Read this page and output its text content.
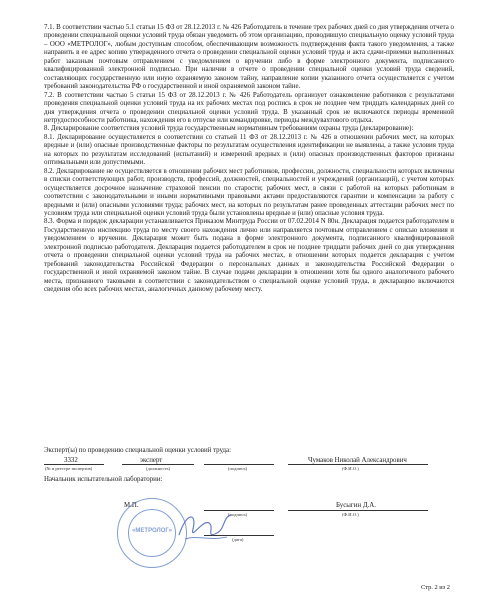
7.1. В соответствии частью 5.1 статьи 15 ФЗ от 28.12.2013 г. № 426 Работодатель в течение трех рабочих дней со дня утверждения отчета о проведении специальной оценки условий труда обязан уведомить об этом организацию, проводившую специальную оценку условий труда – ООО «МЕТРОЛОГ», любым доступным способом, обеспечивающим возможность подтверждения факта такого уведомления, а также направить в ее адрес копию утвержденного отчета о проведении специальной оценки условий труда и акта сдачи-приемки выполненных работ заказным почтовым отправлением с уведомлением о вручении либо в форме электронного документа, подписанного квалифицированной электронной подписью. При наличии в отчете о проведении специальной оценки условий труда сведений, составляющих государственную или иную охраняемую законом тайну, направление копии указанного отчета осуществляется с учетом требований законодательства РФ о государственной и иной охраняемой законом тайне.

7.2. В соответствии частью 5 статьи 15 ФЗ от 28.12.2013 г. № 426 Работодатель организует ознакомление работников с результатами проведения специальной оценки условий труда на их рабочих местах под роспись в срок не позднее чем тридцать календарных дней со дня утверждения отчета о проведении специальной оценки условий труда. В указанный срок не включаются периоды временной нетрудоспособности работника, нахождения его в отпуске или командировке, периоды междувахтового отдыха.

8. Декларирование соответствия условий труда государственным нормативным требованиям охраны труда (декларирование):

8.1. Декларирование осуществляется в соответствии со статьей 11 ФЗ от 28.12.2013 г. № 426 в отношении рабочих мест, на которых вредные и (или) опасные производственные факторы по результатам осуществления идентификации не выявлены, а также условия труда на которых по результатам исследований (испытаний) и измерений вредных и (или) опасных производственных факторов признаны оптимальными или допустимыми.

8.2. Декларирование не осуществляется в отношении рабочих мест работников, профессии, должности, специальности которых включены в списки соответствующих работ, производств, профессий, должностей, специальностей и учреждений (организаций), с учетом которых осуществляется досрочное назначение страховой пенсии по старости; рабочих мест, в связи с работой на которых работникам в соответствии с законодательными и иными нормативными правовыми актами предоставляются гарантии и компенсации за работу с вредными и (или) опасными условиями труда; рабочих мест, на которых по результатам ранее проведенных аттестации рабочих мест по условиям труда или специальной оценки условий труда были установлены вредные и (или) опасные условия труда.

8.3. Форма и порядок декларации устанавливается Приказом Минтруда России от 07.02.2014 N 80н. Декларация подается работодателем в Государственную инспекцию труда по месту своего нахождения лично или направляется почтовым отправлением с описью вложения и уведомлением о вручении. Декларация может быть подана в форме электронного документа, подписанного квалифицированной электронной подписью работодателя. Декларация подается работодателем в срок не позднее тридцати рабочих дней со дня утверждения отчета о проведении специальной оценки условий труда на рабочих местах, в отношении которых подается декларация с учетом требований законодательства Российской Федерации о персональных данных и законодательства Российской Федерации о государственной и иной охраняемой законом тайне. В случае подачи декларации в отношении хотя бы одного аналогичного рабочего места, признанного таковыми в соответствии с законодательством о специальной оценке условий труда, в декларацию включаются сведения обо всех рабочих местах, аналогичных данному рабочему месту.

Эксперт(ы) по проведению специальной оценки условий труда:
3332
(№ в реестре экспертов)
эксперт
(должность)	(подпись)
Чумаков Николай Александрович
(Ф.И.О.)
Начальник испытательной лаборатории:
М.П.
(подпись)
Бусыгин Д.А.
(Ф.И.О.)
(дата)
«МЕТРОЛОГ»
Стр. 2 из 2
